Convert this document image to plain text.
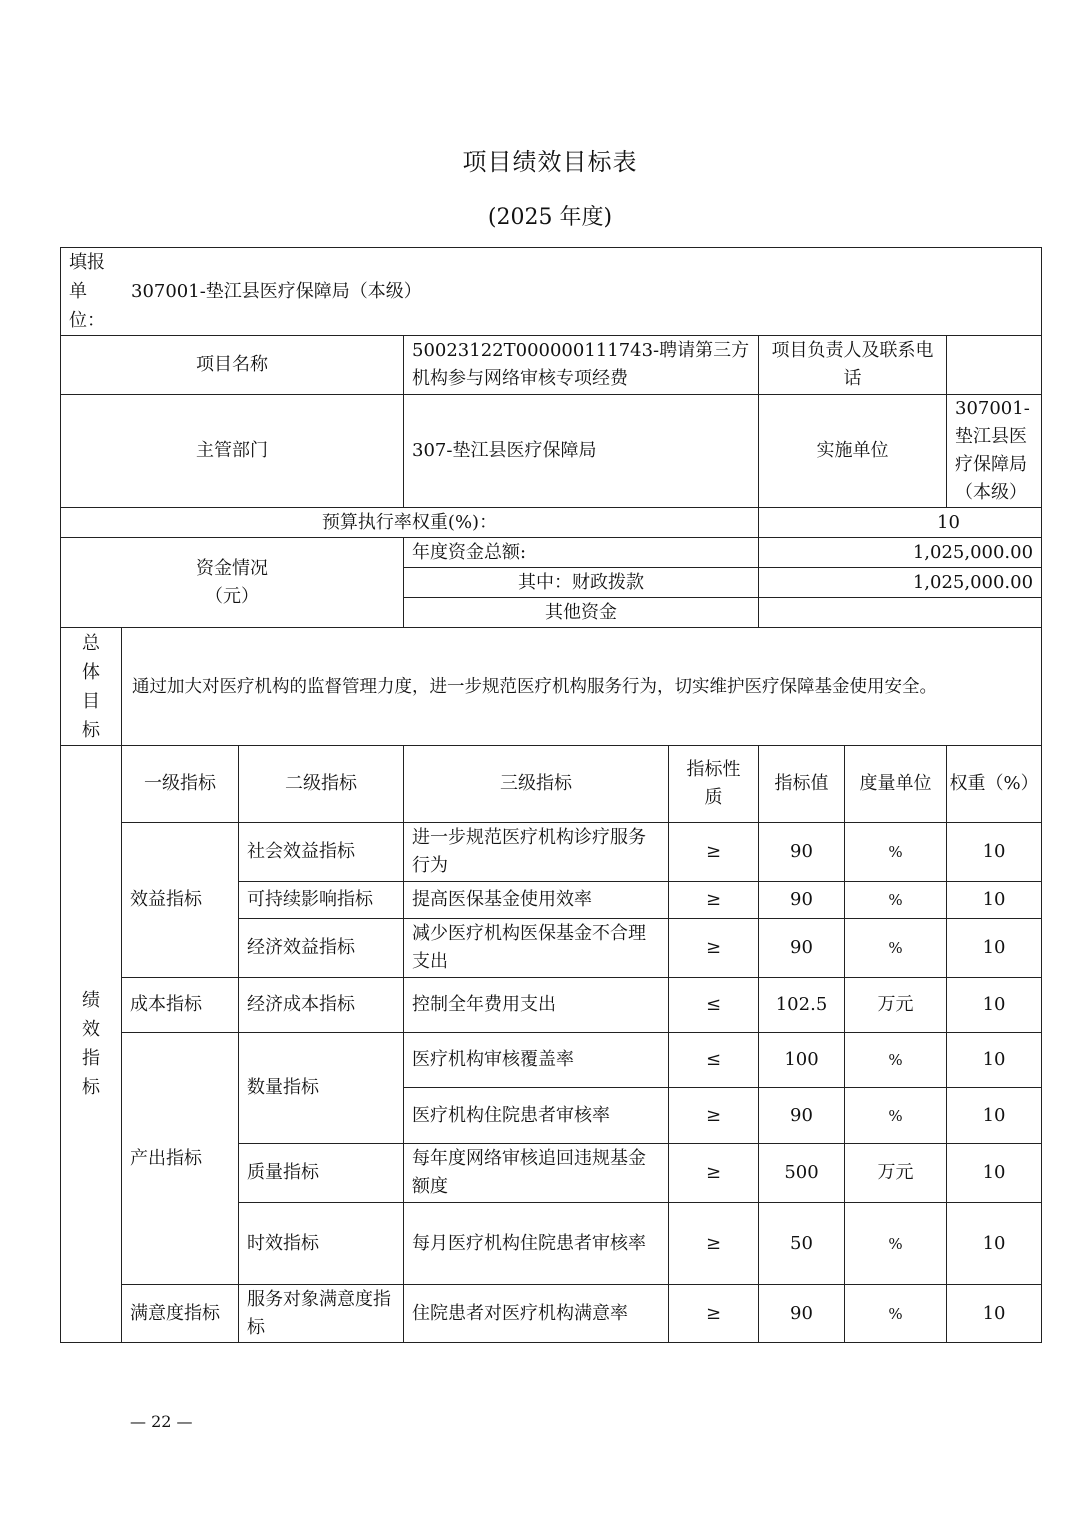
项目绩效目标表
(2025 年度)
填报
单
位：
307001-垫江县医疗保障局（本级）							

项目名称			50023122T000000111743-聘请第三方机构参与网络审核专项经费		项目负责人及联系电话		
主管部门			307-垫江县医疗保障局		实施单位		307001-垫江县医疗保障局（本级）
预算执行率权重(%)：					10		

资金情况
（元）			年度资金总额:		1,025,000.00		
			其中：财政拨款		1,025,000.00		
			其他资金				

总
体
目
标	通过加大对医疗机构的监督管理力度，进一步规范医疗机构服务行为，切实维护医疗保障基金使用安全。						

绩
效
指
标	一级指标	二级指标	三级指标	指标性质	指标值	度量单位	权重（%）
	效益指标	社会效益指标	进一步规范医疗机构诊疗服务行为	≥	90	%	10
		可持续影响指标	提高医保基金使用效率	≥	90	%	10
		经济效益指标	减少医疗机构医保基金不合理支出	≥	90	%	10
	成本指标	经济成本指标	控制全年费用支出	≤	102.5	万元	10
	产出指标	数量指标	医疗机构审核覆盖率	≤	100	%	10
			医疗机构住院患者审核率	≥	90	%	10
		质量指标	每年度网络审核追回违规基金额度	≥	500	万元	10
		时效指标	每月医疗机构住院患者审核率	≥	50	%	10
	满意度指标	服务对象满意度指标	住院患者对医疗机构满意率	≥	90	%	10
— 22 —
